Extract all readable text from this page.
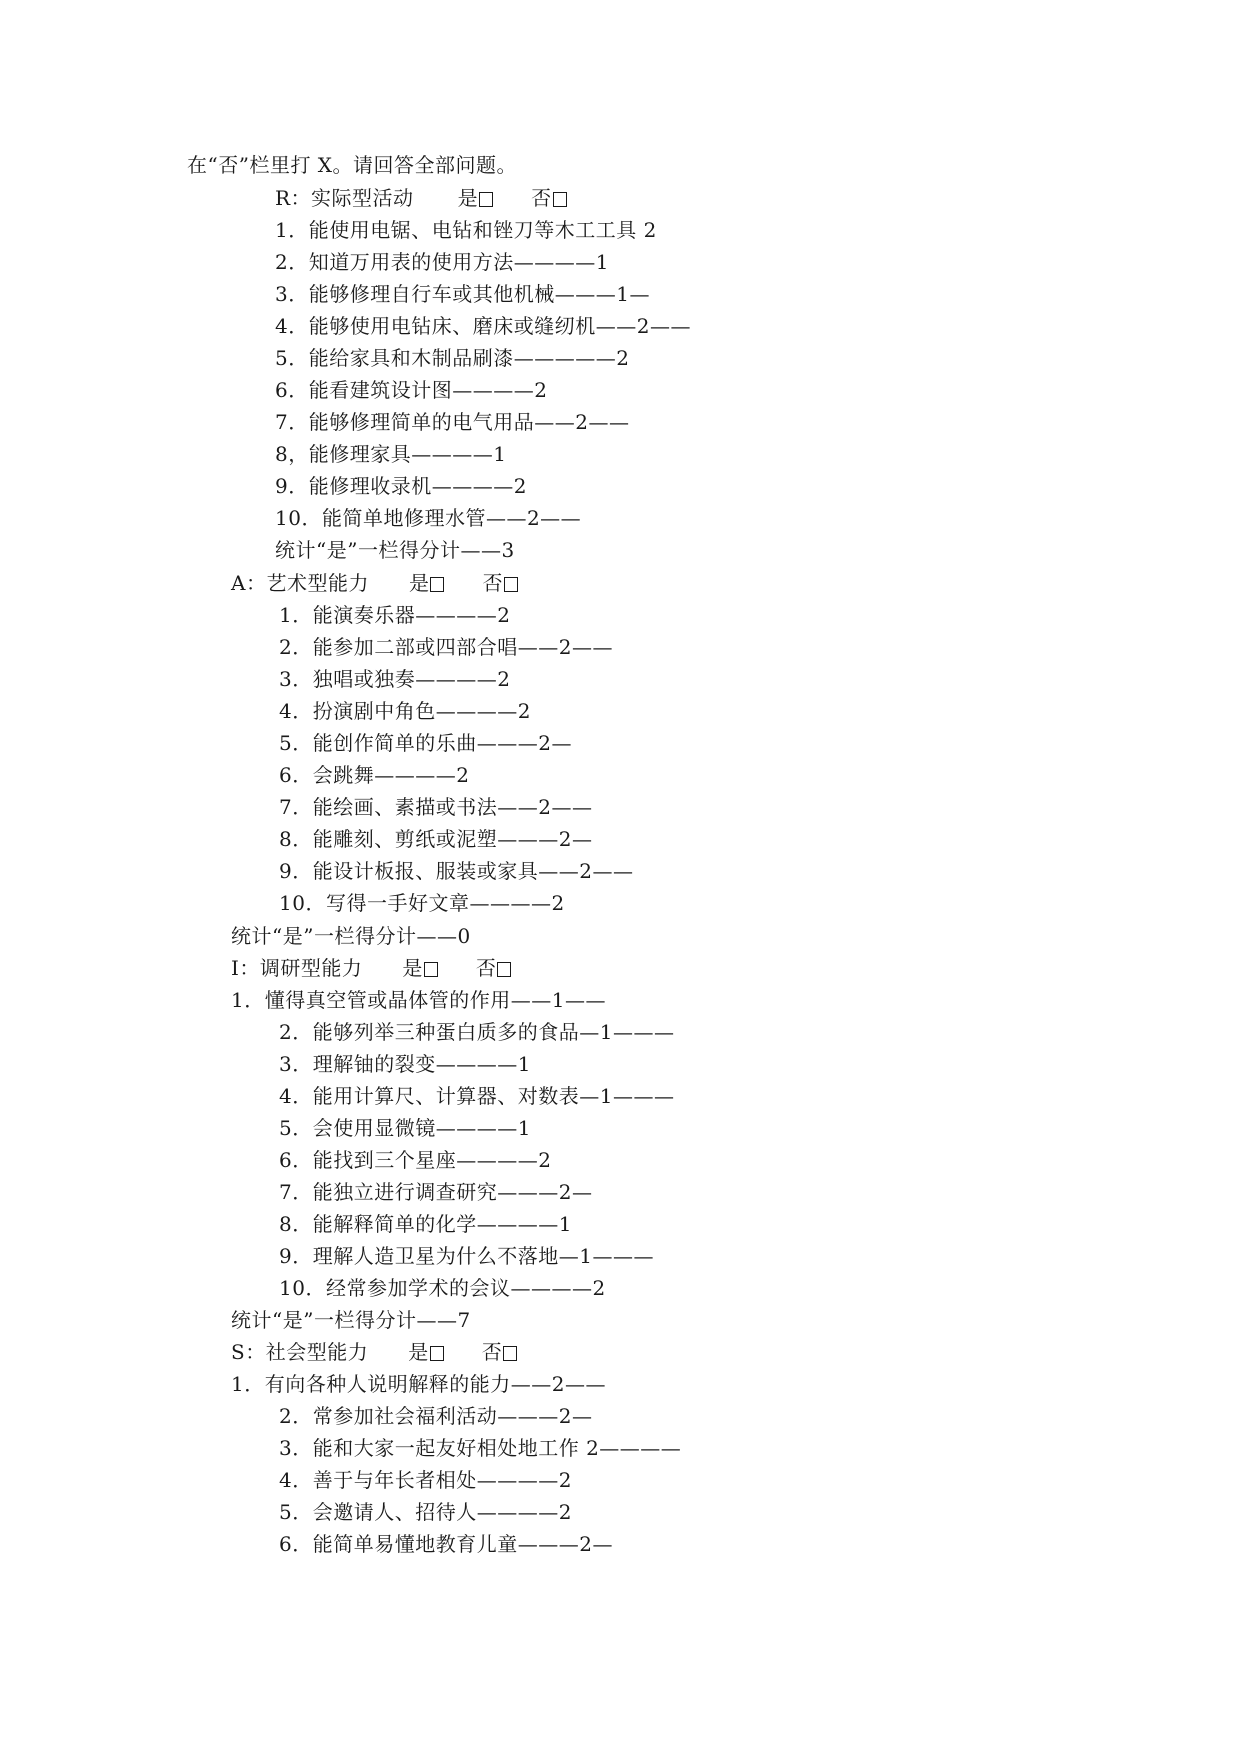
在“否”栏里打 X。请回答全部问题。
R：实际型活动 是	否
1．能使用电锯、电钻和锉刀等木工工具 2
2．知道万用表的使用方法————1
3．能够修理自行车或其他机械———1—
4．能够使用电钻床、磨床或缝纫机——2——
5．能给家具和木制品刷漆—————2
6．能看建筑设计图————2
7．能够修理简单的电气用品——2——
8，能修理家具————1
9．能修理收录机————2
10．能简单地修理水管——2——
统计“是”一栏得分计——3
A：艺术型能力 是	否
1．能演奏乐器————2
2．能参加二部或四部合唱——2——
3．独唱或独奏————2
4．扮演剧中角色————2
5．能创作简单的乐曲———2—
6．会跳舞————2
7．能绘画、素描或书法——2——
8．能雕刻、剪纸或泥塑———2—
9．能设计板报、服装或家具——2——
10．写得一手好文章————2
统计“是”一栏得分计——0
I：调研型能力 是	否
1．懂得真空管或晶体管的作用——1——
2．能够列举三种蛋白质多的食品—1———
3．理解铀的裂变————1
4．能用计算尺、计算器、对数表—1———
5．会使用显微镜————1
6．能找到三个星座————2
7．能独立进行调查研究———2—
8．能解释简单的化学————1
9．理解人造卫星为什么不落地—1———
10．经常参加学术的会议————2
统计“是”一栏得分计——7
S：社会型能力 是	否
1．有向各种人说明解释的能力——2——
2．常参加社会福利活动———2—
3．能和大家一起友好相处地工作 2————
4．善于与年长者相处————2
5．会邀请人、招待人————2
6．能简单易懂地教育儿童———2—
